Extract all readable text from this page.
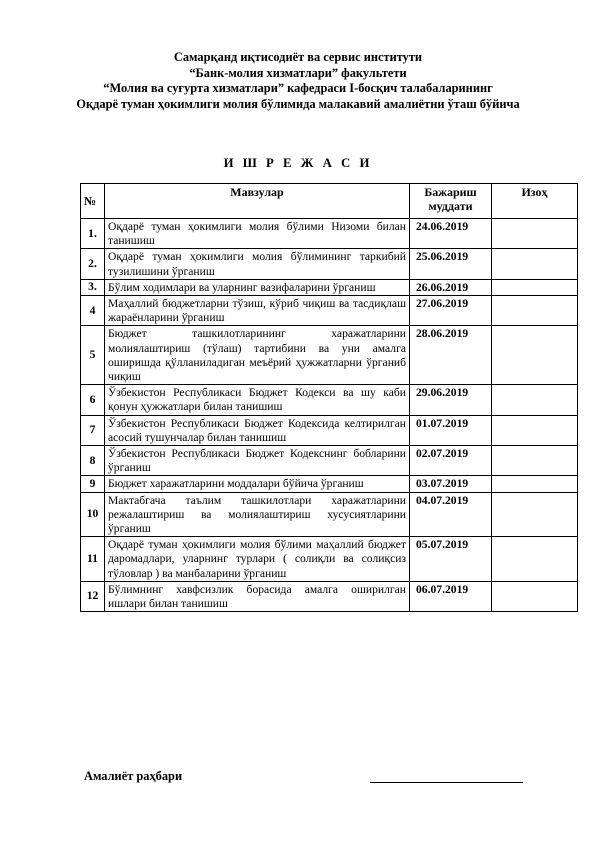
Самарқанд иқтисодиёт ва сервис институти
“Банк-молия хизматлари” факультети
“Молия ва суғурта хизматлари” кафедраси I-босқич талабаларининг
Оқдарё туман ҳокимлиги молия бўлимида малакавий амалиётни ўташ бўйича
И Ш Р Е Ж А С И
№	Мавзулар	Бажариш муддати	Изоҳ
1.	Оқдарё туман ҳокимлиги молия бўлими Низоми билан танишиш	24.06.2019	
2.	Оқдарё туман ҳокимлиги молия бўлимининг таркибий тузилишини ўрганиш	25.06.2019	
3.	Бўлим ходимлари ва уларнинг вазифаларини ўрганиш	26.06.2019	
4	Маҳаллий бюджетларни тўзиш, кўриб чиқиш ва тасдиқлаш жараёнларини ўрганиш	27.06.2019	
5	Бюджет ташкилотларининг харажатларини молиялаштириш (тўлаш) тартибини ва уни амалга оширишда қўлланиладиган меъёрий ҳужжатларни ўрганиб чиқиш	28.06.2019	
6	Ўзбекистон Республикаси Бюджет Кодекси ва шу каби қонун ҳужжатлари билан танишиш	29.06.2019	
7	Ўзбекистон Республикаси Бюджет Кодексида келтирилган асосий тушунчалар билан танишиш	01.07.2019	
8	Ўзбекистон Республикаси Бюджет Кодекснинг бобларини ўрганиш	02.07.2019	
9	Бюджет харажатларини моддалари бўйича ўрганиш	03.07.2019	
10	Мактабгача таълим ташкилотлари харажатларини режалаштириш ва молиялаштириш хусусиятларини ўрганиш	04.07.2019	
11	Оқдарё туман ҳокимлиги молия бўлими маҳаллий бюджет даромадлари, уларнинг турлари ( солиқли ва солиқсиз тўловлар ) ва манбаларини ўрганиш	05.07.2019	
12	Бўлимнинг хавфсизлик борасида амалга оширилган ишлари билан танишиш	06.07.2019	
Амалиёт раҳбари
